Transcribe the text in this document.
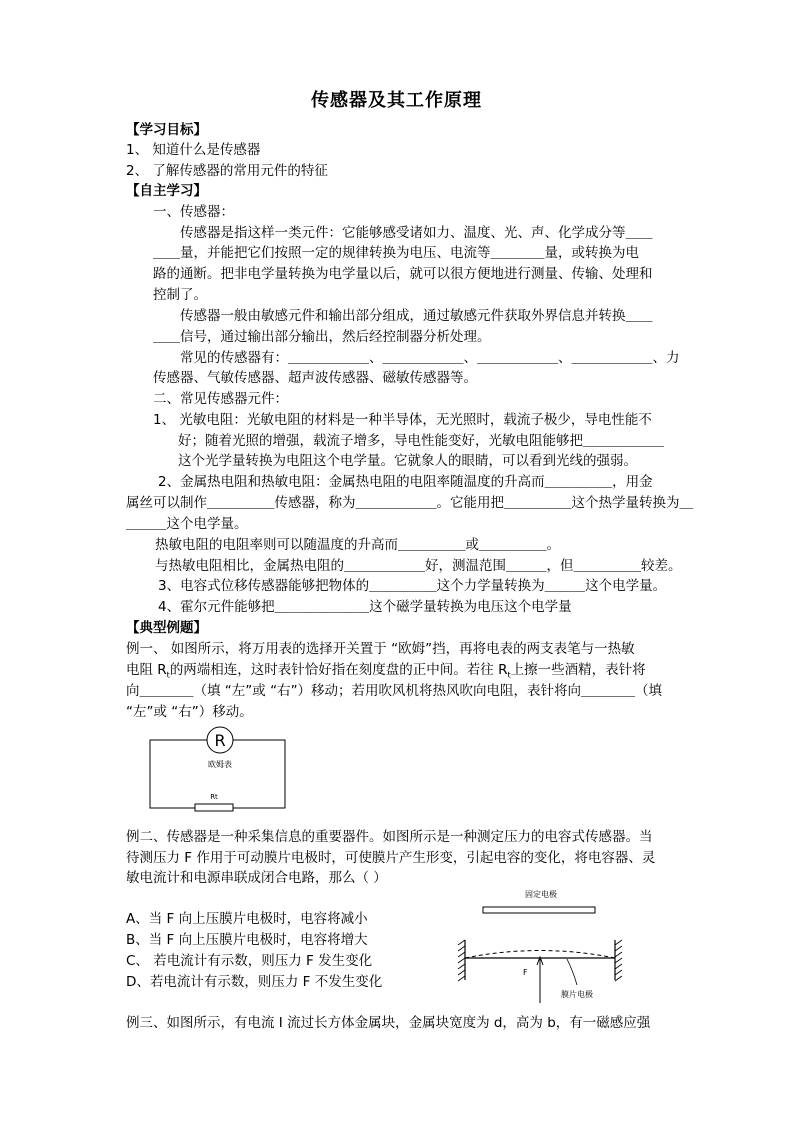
传感器及其工作原理
【学习目标】
1、 知道什么是传感器
2、 了解传感器的常用元件的特征
【自主学习】
一、传感器：
传感器是指这样一类元件：它能够感受诸如力、温度、光、声、化学成分等＿＿
＿＿量，并能把它们按照一定的规律转换为电压、电流等＿＿＿＿量，或转换为电
路的通断。把非电学量转换为电学量以后，就可以很方便地进行测量、传输、处理和
控制了。
传感器一般由敏感元件和输出部分组成，通过敏感元件获取外界信息并转换＿＿
＿＿信号，通过输出部分输出，然后经控制器分析处理。
常见的传感器有：＿＿＿＿＿＿、＿＿＿＿＿＿、＿＿＿＿＿＿、＿＿＿＿＿＿、力
传感器、气敏传感器、超声波传感器、磁敏传感器等。
二、常见传感器元件：
1、 光敏电阻：光敏电阻的材料是一种半导体，无光照时，载流子极少，导电性能不
好；随着光照的增强，载流子增多，导电性能变好，光敏电阻能够把＿＿＿＿＿＿
这个光学量转换为电阻这个电学量。它就象人的眼睛，可以看到光线的强弱。
2、金属热电阻和热敏电阻：金属热电阻的电阻率随温度的升高而＿＿＿＿＿，用金
属丝可以制作＿＿＿＿＿传感器，称为＿＿＿＿＿＿。它能用把＿＿＿＿＿这个热学量转换为＿
＿＿＿这个电学量。
热敏电阻的电阻率则可以随温度的升高而＿＿＿＿＿或＿＿＿＿＿。
与热敏电阻相比，金属热电阻的＿＿＿＿＿＿好，测温范围＿＿＿，但＿＿＿＿＿较差。
3、电容式位移传感器能够把物体的＿＿＿＿＿这个力学量转换为＿＿＿这个电学量。
4、霍尔元件能够把＿＿＿＿＿＿＿这个磁学量转换为电压这个电学量
【典型例题】
例一、 如图所示，将万用表的选择开关置于 “欧姆”挡，再将电表的两支表笔与一热敏
电阻 $R_t$的两端相连，这时表针恰好指在刻度盘的正中间。若往 $R_t$上擦一些酒精，表针将
向＿＿＿＿（填 “左”或 “右”）移动；若用吹风机将热风吹向电阻，表针将向＿＿＿＿（填
“左”或 “右”）移动。
R
欧姆表
Rt
例二、传感器是一种采集信息的重要器件。如图所示是一种测定压力的电容式传感器。当
待测压力 F 作用于可动膜片电极时，可使膜片产生形变，引起电容的变化，将电容器、灵
敏电流计和电源串联成闭合电路，那么（ ）
A、当 F 向上压膜片电极时，电容将减小
B、当 F 向上压膜片电极时，电容将增大
C、 若电流计有示数，则压力 F 发生变化
D、若电流计有示数，则压力 F 不发生变化
固定电极
F
膜片电极
例三、如图所示，有电流 I 流过长方体金属块，金属块宽度为 d，高为 b，有一磁感应强
